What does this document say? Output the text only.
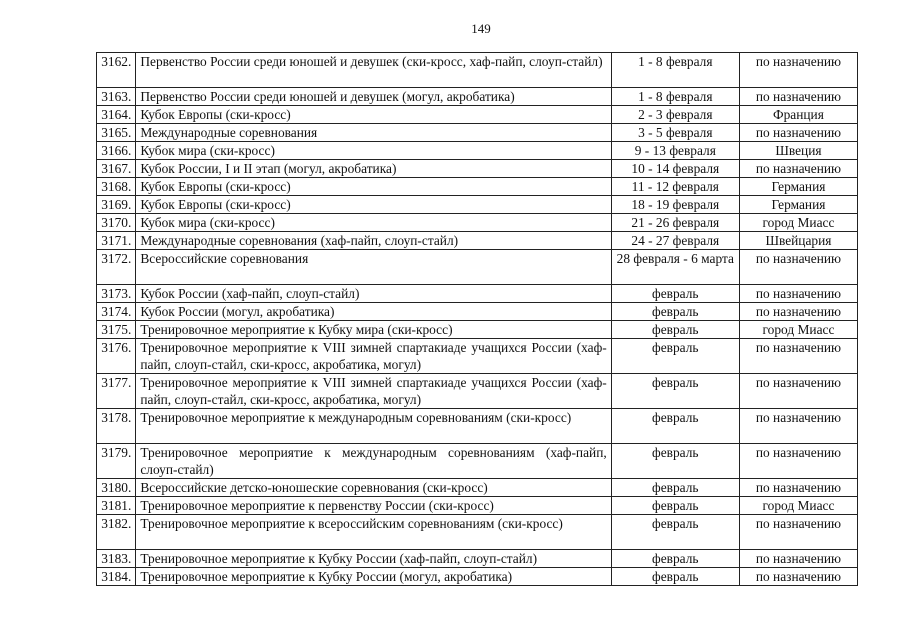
149
3162.	Первенство России среди юношей и девушек (ски-кросс, хаф-пайп, слоуп-стайл)	1 - 8 февраля	по назначению
3163.	Первенство России среди юношей и девушек (могул, акробатика)	1 - 8 февраля	по назначению
3164.	Кубок Европы (ски-кросс)	2 - 3 февраля	Франция
3165.	Международные соревнования	3 - 5 февраля	по назначению
3166.	Кубок мира (ски-кросс)	9 - 13 февраля	Швеция
3167.	Кубок России, I и II этап (могул, акробатика)	10 - 14 февраля	по назначению
3168.	Кубок Европы (ски-кросс)	11 - 12 февраля	Германия
3169.	Кубок Европы (ски-кросс)	18 - 19 февраля	Германия
3170.	Кубок мира (ски-кросс)	21 - 26 февраля	город Миасс
3171.	Международные соревнования (хаф-пайп, слоуп-стайл)	24 - 27 февраля	Швейцария
3172.	Всероссийские соревнования	28 февраля - 6 марта	по назначению
3173.	Кубок России (хаф-пайп, слоуп-стайл)	февраль	по назначению
3174.	Кубок России (могул, акробатика)	февраль	по назначению
3175.	Тренировочное мероприятие к Кубку мира (ски-кросс)	февраль	город Миасс
3176.	Тренировочное мероприятие к VIII зимней спартакиаде учащихся России (хаф-пайп, слоуп-стайл, ски-кросс, акробатика, могул)	февраль	по назначению
3177.	Тренировочное мероприятие к VIII зимней спартакиаде учащихся России (хаф-пайп, слоуп-стайл, ски-кросс, акробатика, могул)	февраль	по назначению
3178.	Тренировочное мероприятие к международным соревнованиям (ски-кросс)	февраль	по назначению
3179.	Тренировочное мероприятие к международным соревнованиям (хаф-пайп, слоуп-стайл)	февраль	по назначению
3180.	Всероссийские детско-юношеские соревнования (ски-кросс)	февраль	по назначению
3181.	Тренировочное мероприятие к первенству России (ски-кросс)	февраль	город Миасс
3182.	Тренировочное мероприятие к всероссийским соревнованиям (ски-кросс)	февраль	по назначению
3183.	Тренировочное мероприятие к Кубку России (хаф-пайп, слоуп-стайл)	февраль	по назначению
3184.	Тренировочное мероприятие к Кубку России (могул, акробатика)	февраль	по назначению
